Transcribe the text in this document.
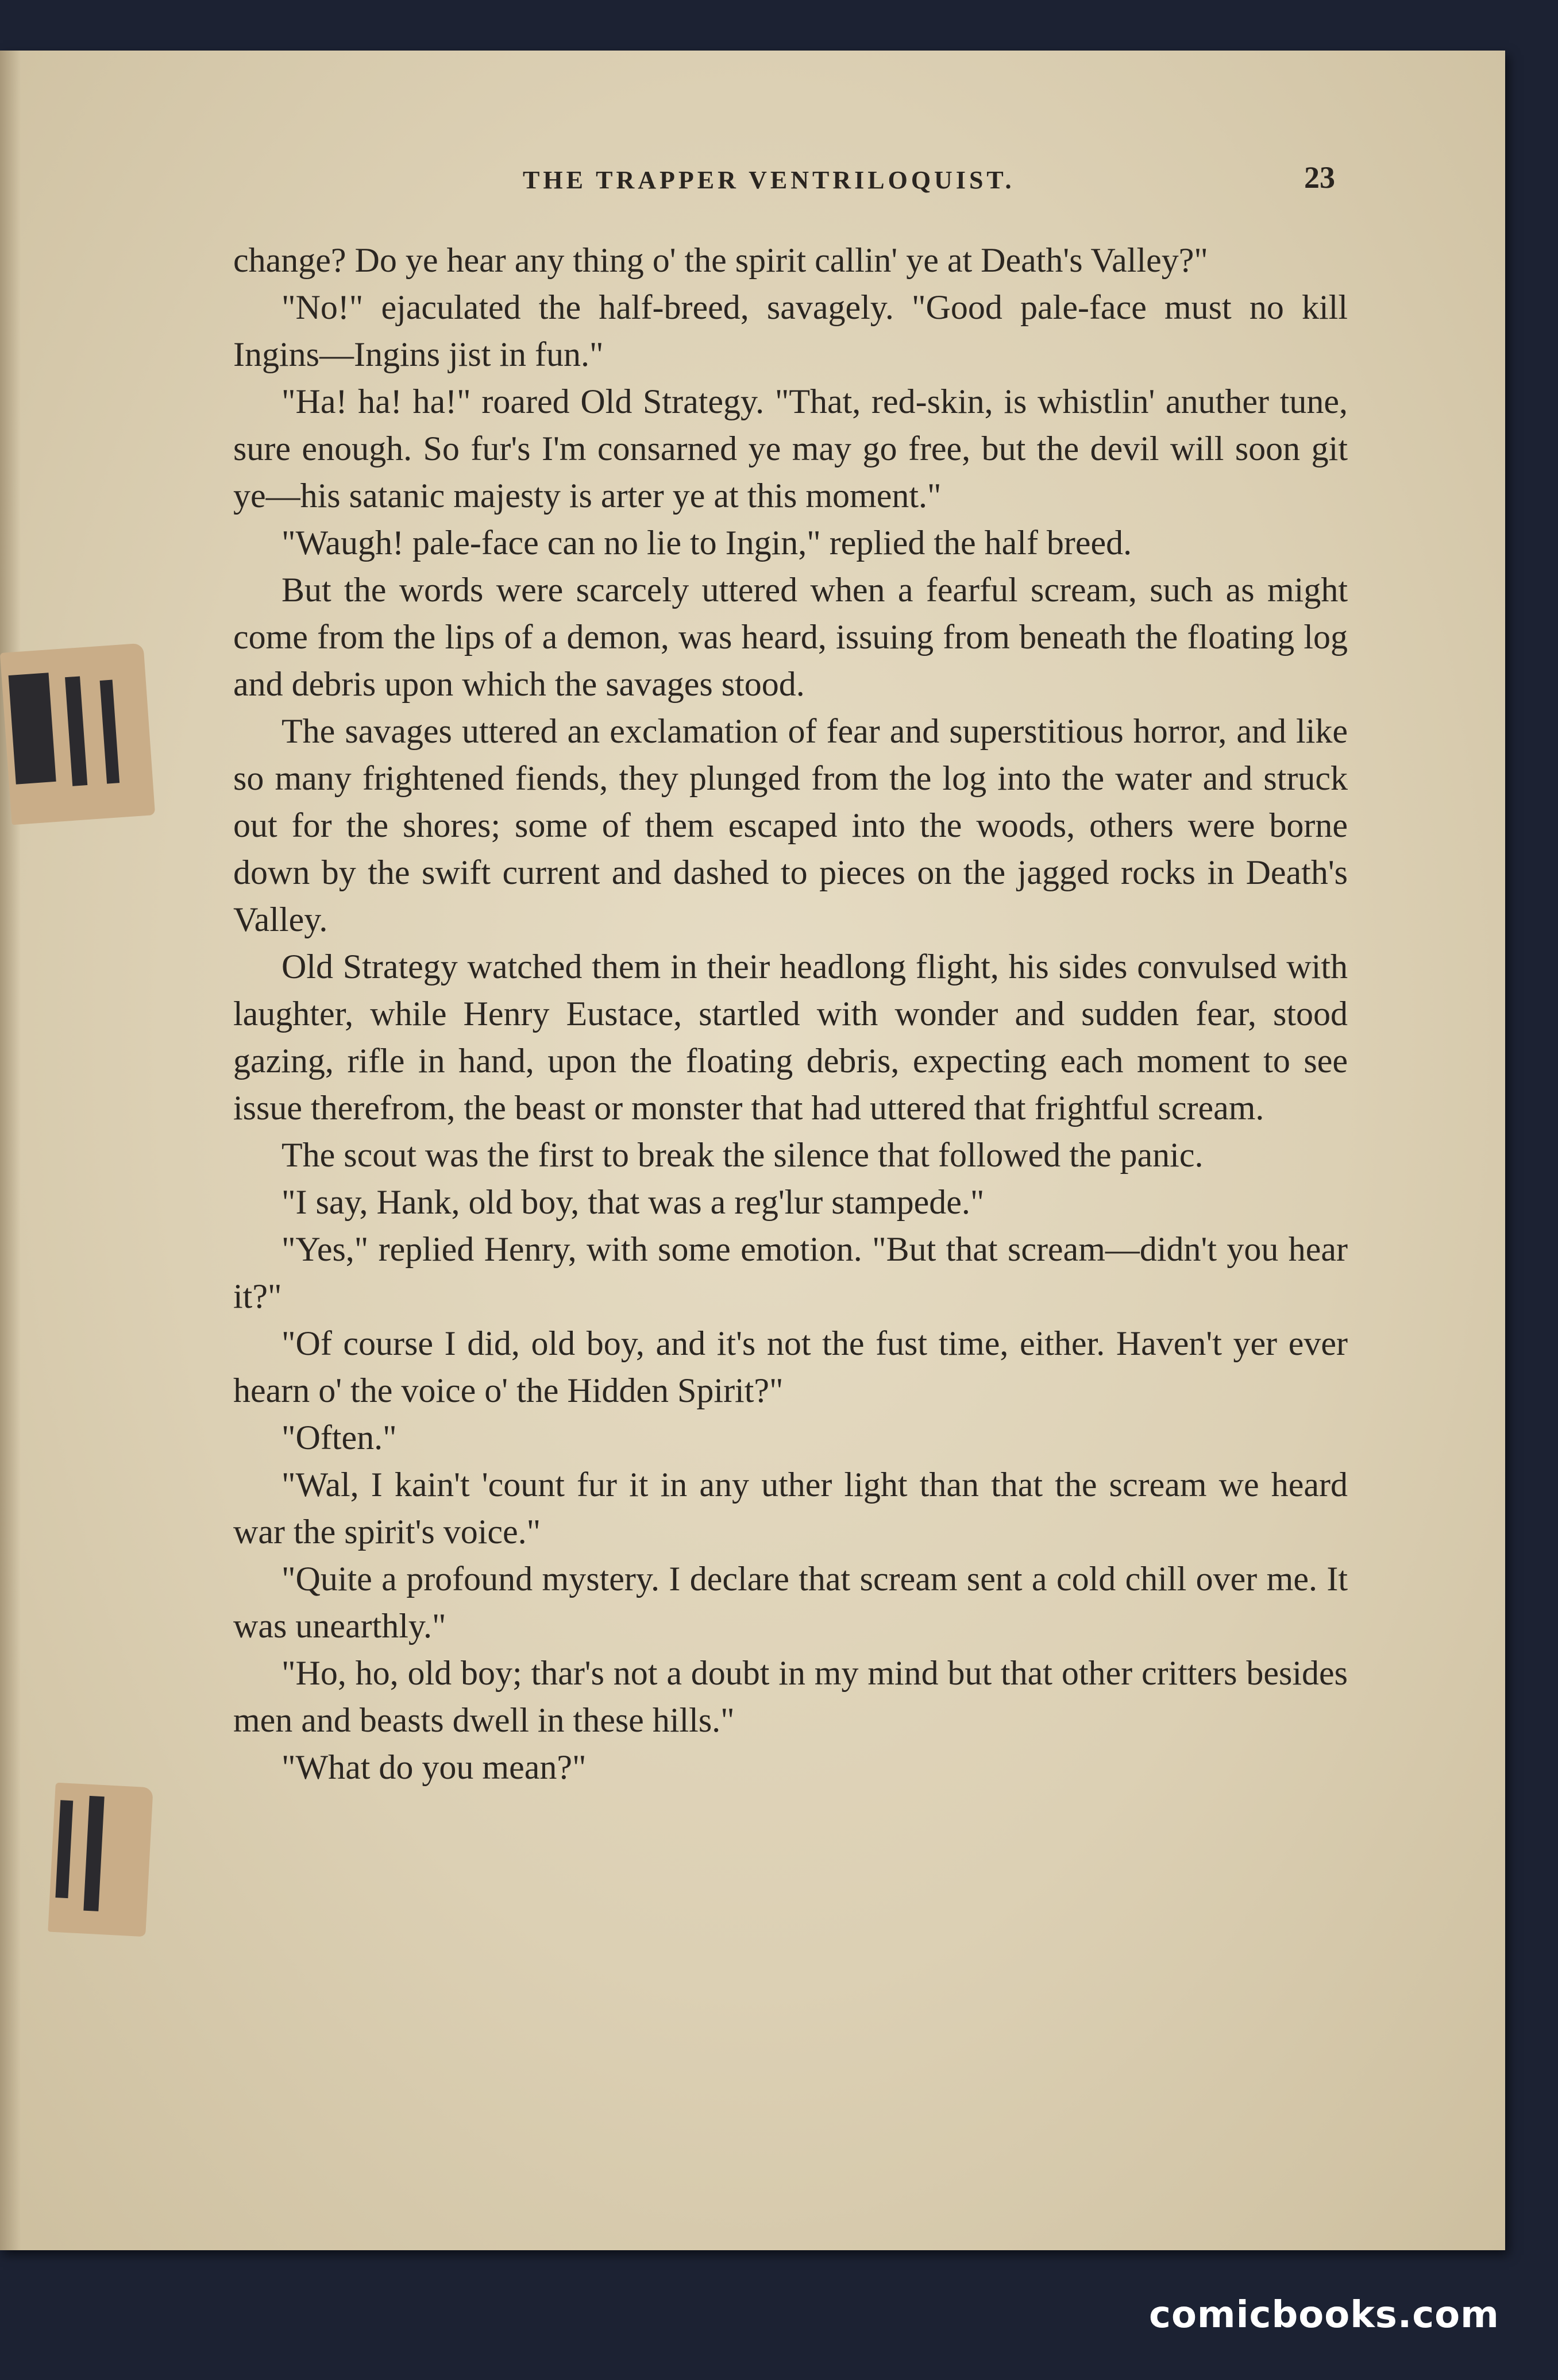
THE TRAPPER VENTRILOQUIST.	23

change? Do ye hear any thing o' the spirit callin' ye at Death's Valley?"

"No!" ejaculated the half-breed, savagely. "Good pale-face must no kill Ingins—Ingins jist in fun."

"Ha! ha! ha!" roared Old Strategy. "That, red-skin, is whistlin' anuther tune, sure enough. So fur's I'm consarned ye may go free, but the devil will soon git ye—his satanic majesty is arter ye at this moment."

"Waugh! pale-face can no lie to Ingin," replied the half breed.

But the words were scarcely uttered when a fearful scream, such as might come from the lips of a demon, was heard, issuing from beneath the floating log and debris upon which the savages stood.

The savages uttered an exclamation of fear and superstitious horror, and like so many frightened fiends, they plunged from the log into the water and struck out for the shores; some of them escaped into the woods, others were borne down by the swift current and dashed to pieces on the jagged rocks in Death's Valley.

Old Strategy watched them in their headlong flight, his sides convulsed with laughter, while Henry Eustace, startled with wonder and sudden fear, stood gazing, rifle in hand, upon the floating debris, expecting each moment to see issue therefrom, the beast or monster that had uttered that frightful scream.

The scout was the first to break the silence that followed the panic.

"I say, Hank, old boy, that was a reg'lur stampede."

"Yes," replied Henry, with some emotion. "But that scream—didn't you hear it?"

"Of course I did, old boy, and it's not the fust time, either. Haven't yer ever hearn o' the voice o' the Hidden Spirit?"

"Often."

"Wal, I kain't 'count fur it in any uther light than that the scream we heard war the spirit's voice."

"Quite a profound mystery. I declare that scream sent a cold chill over me. It was unearthly."

"Ho, ho, old boy; thar's not a doubt in my mind but that other critters besides men and beasts dwell in these hills."

"What do you mean?"

comicbooks.com
